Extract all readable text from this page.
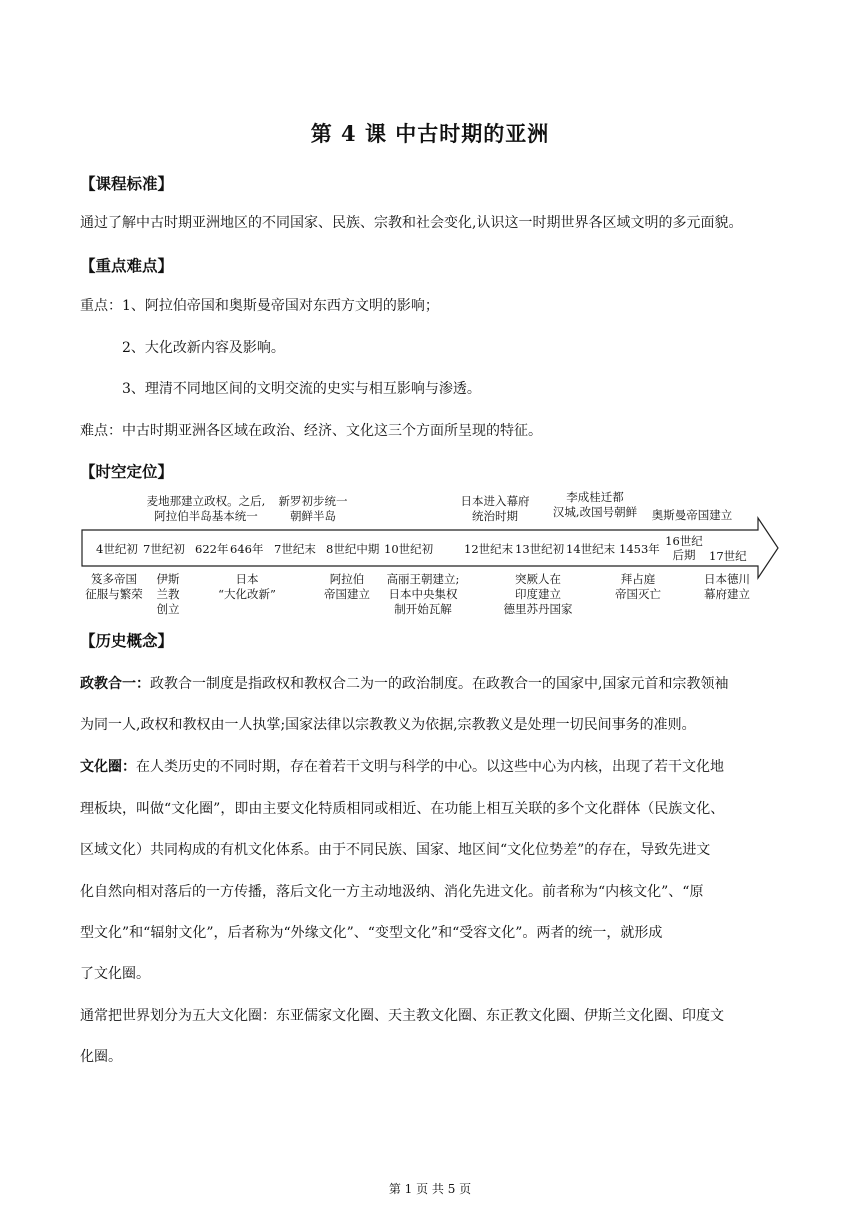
第 4 课 中古时期的亚洲
【课程标准】
通过了解中古时期亚洲地区的不同国家、民族、宗教和社会变化,认识这一时期世界各区域文明的多元面貌。
【重点难点】
重点：1、阿拉伯帝国和奥斯曼帝国对东西方文明的影响；
2、大化改新内容及影响。
3、理清不同地区间的文明交流的史实与相互影响与渗透。
难点：中古时期亚洲各区域在政治、经济、文化这三个方面所呈现的特征。
【时空定位】
麦地那建立政权。之后,
阿拉伯半岛基本统一
新罗初步统一
朝鲜半岛
日本进入幕府
统治时期
李成桂迁都
汉城,改国号朝鲜	奥斯曼帝国建立
4世纪初 7世纪初 622年 646年 7世纪末 8世纪中期 10世纪初	12世纪末 13世纪初 14世纪末 1453年
16世纪
后期	17世纪
笈多帝国
征服与繁荣
伊斯
兰教
创立
日本
“大化改新”
阿拉伯
帝国建立
高丽王朝建立;
日本中央集权
制开始瓦解
突厥人在
印度建立
德里苏丹国家
拜占庭
帝国灭亡
日本德川
幕府建立
【历史概念】
政教合一：政教合一制度是指政权和教权合二为一的政治制度。在政教合一的国家中,国家元首和宗教领袖
为同一人,政权和教权由一人执掌;国家法律以宗教教义为依据,宗教教义是处理一切民间事务的准则。
文化圈：在人类历史的不同时期，存在着若干文明与科学的中心。以这些中心为内核，出现了若干文化地
理板块，叫做“文化圈”，即由主要文化特质相同或相近、在功能上相互关联的多个文化群体（民族文化、
区域文化）共同构成的有机文化体系。由于不同民族、国家、地区间“文化位势差”的存在，导致先进文
化自然向相对落后的一方传播，落后文化一方主动地汲纳、消化先进文化。前者称为“内核文化”、“原
型文化”和“辐射文化”，后者称为“外缘文化”、“变型文化”和“受容文化”。两者的统一，就形成
了文化圈。
通常把世界划分为五大文化圈：东亚儒家文化圈、天主教文化圈、东正教文化圈、伊斯兰文化圈、印度文
化圈。
第 1 页 共 5 页
